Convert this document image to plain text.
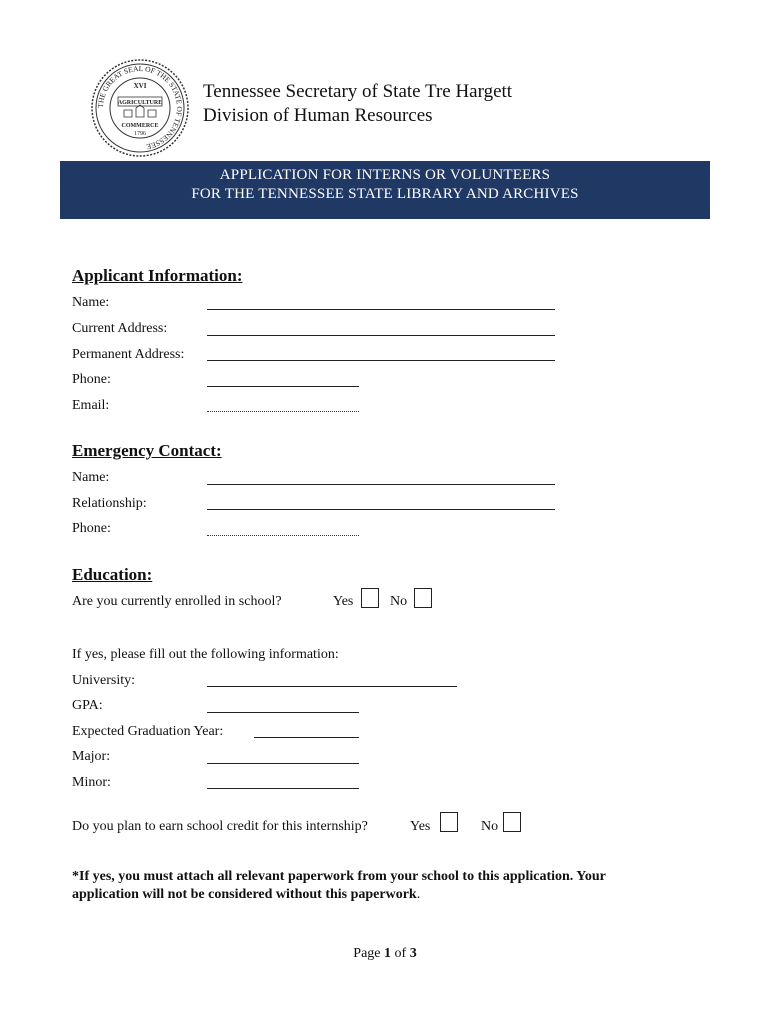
THE GREAT SEAL OF THE STATE OF TENNESSEE
XVI
AGRICULTURE
COMMERCE
1796
Tennessee Secretary of State Tre Hargett
Division of Human Resources
APPLICATION FOR INTERNS OR VOLUNTEERS
FOR THE TENNESSEE STATE LIBRARY AND ARCHIVES
Applicant Information:
Name:
Current Address:
Permanent Address:
Phone:
Email:
Emergency Contact:
Name:
Relationship:
Phone:
Education:
Are you currently enrolled in school?	Yes	No
If yes, please fill out the following information:
University:
GPA:
Expected Graduation Year:
Major:
Minor:
Do you plan to earn school credit for this internship?	Yes	No
*If yes, you must attach all relevant paperwork from your school to this application. Your
application will not be considered without this paperwork.
Page 1 of 3
